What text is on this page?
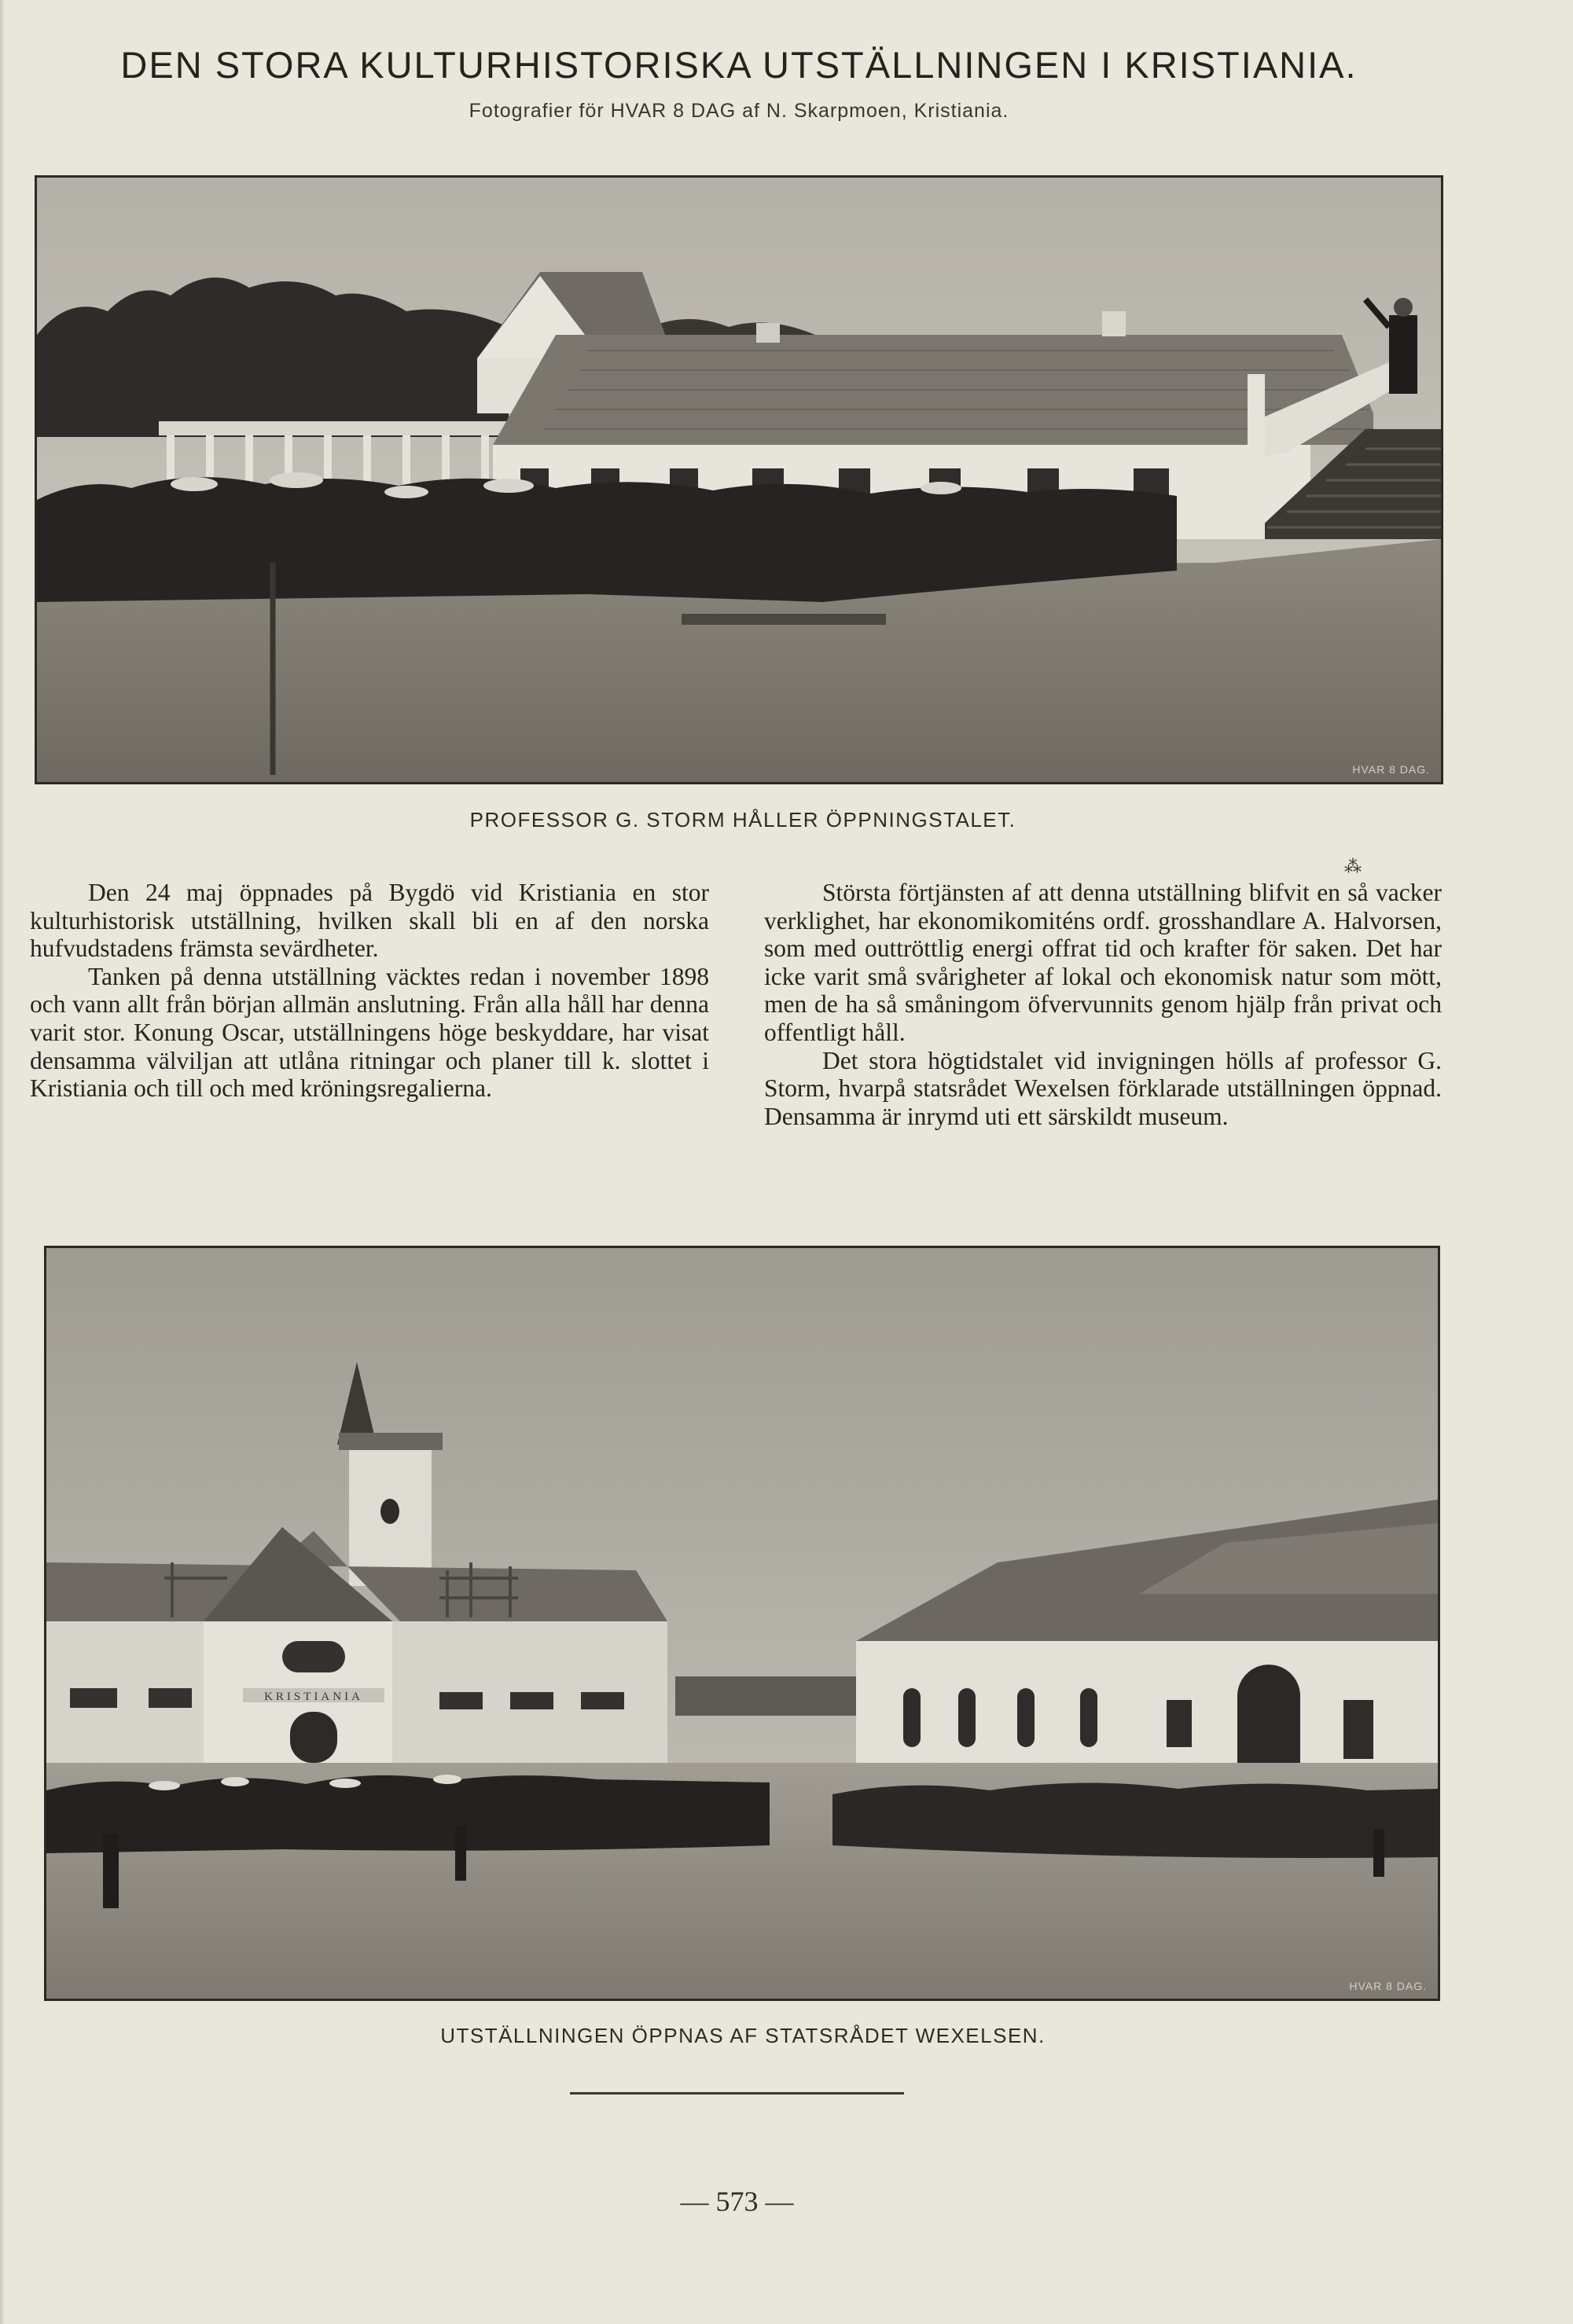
DEN STORA KULTURHISTORISKA UTSTÄLLNINGEN I KRISTIANIA.
Fotografier för HVAR 8 DAG af N. Skarpmoen, Kristiania.
HVAR 8 DAG.
PROFESSOR G. STORM HÅLLER ÖPPNINGSTALET.
⁂

Den 24 maj öppnades på Bygdö vid Kristiania en stor kulturhistorisk utställning, hvilken skall bli en af den norska hufvudstadens främsta sevärdheter.

Tanken på denna utställning väcktes redan i november 1898 och vann allt från början allmän anslutning. Från alla håll har denna varit stor. Konung Oscar, utställningens höge beskyddare, har visat densamma välviljan att utlåna ritningar och planer till k. slottet i Kristiania och till och med kröningsregalierna.

Största förtjänsten af att denna utställning blifvit en så vacker verklighet, har ekonomikomiténs ordf. grosshandlare A. Halvorsen, som med outtröttlig energi offrat tid och krafter för saken. Det har icke varit små svårigheter af lokal och ekonomisk natur som mött, men de ha så småningom öfvervunnits genom hjälp från privat och offentligt håll.

Det stora högtidstalet vid invigningen hölls af professor G. Storm, hvarpå statsrådet Wexelsen förklarade utställningen öppnad. Densamma är inrymd uti ett särskildt museum.

KRISTIANIA
HVAR 8 DAG.
UTSTÄLLNINGEN ÖPPNAS AF STATSRÅDET WEXELSEN.
— 573 —
